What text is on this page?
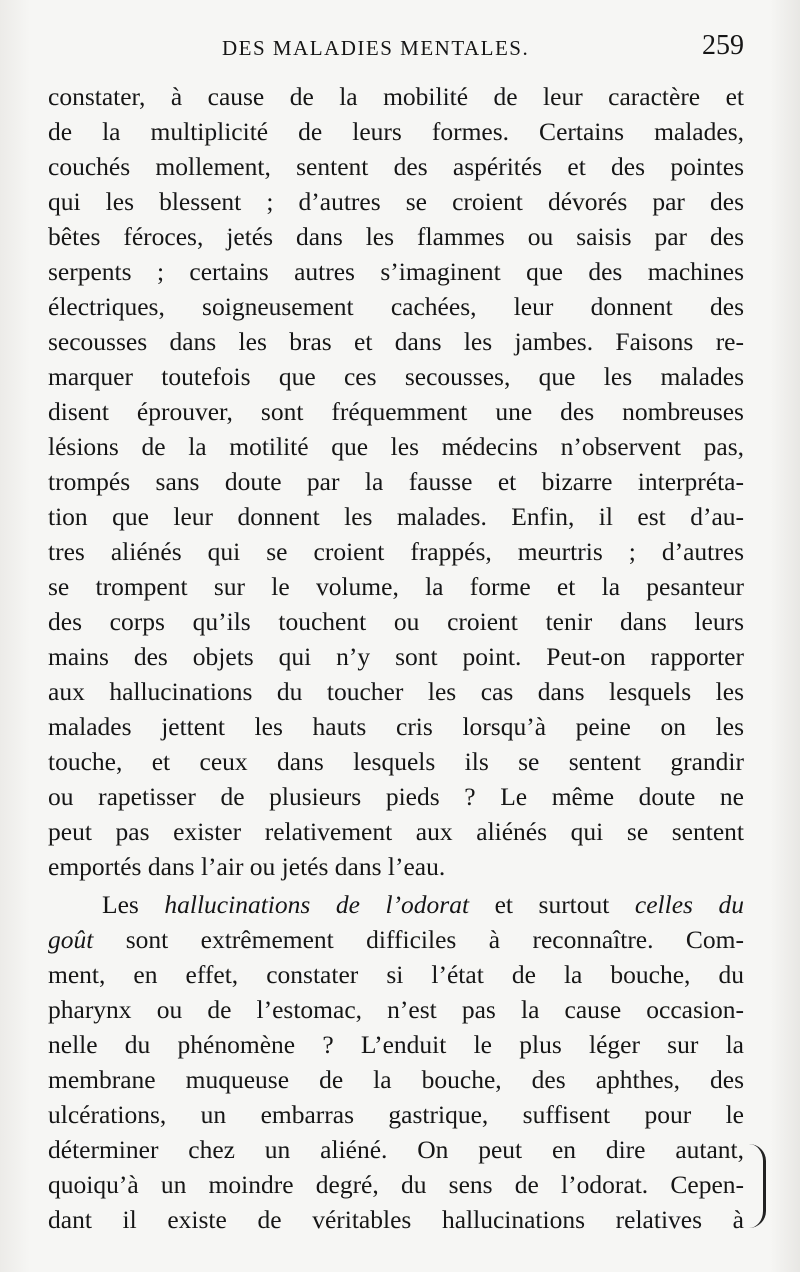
DES MALADIES MENTALES.	259
constater, à cause de la mobilité de leur caractère et
de la multiplicité de leurs formes. Certains malades,
couchés mollement, sentent des aspérités et des pointes
qui les blessent ; d’autres se croient dévorés par des
bêtes féroces, jetés dans les flammes ou saisis par des
serpents ; certains autres s’imaginent que des machines
électriques, soigneusement cachées, leur donnent des
secousses dans les bras et dans les jambes. Faisons re-
marquer toutefois que ces secousses, que les malades
disent éprouver, sont fréquemment une des nombreuses
lésions de la motilité que les médecins n’observent pas,
trompés sans doute par la fausse et bizarre interpréta-
tion que leur donnent les malades. Enfin, il est d’au-
tres aliénés qui se croient frappés, meurtris ; d’autres
se trompent sur le volume, la forme et la pesanteur
des corps qu’ils touchent ou croient tenir dans leurs
mains des objets qui n’y sont point. Peut-on rapporter
aux hallucinations du toucher les cas dans lesquels les
malades jettent les hauts cris lorsqu’à peine on les
touche, et ceux dans lesquels ils se sentent grandir
ou rapetisser de plusieurs pieds ? Le même doute ne
peut pas exister relativement aux aliénés qui se sentent
emportés dans l’air ou jetés dans l’eau.
Les hallucinations de l’odorat et surtout celles du
goût sont extrêmement difficiles à reconnaître. Com-
ment, en effet, constater si l’état de la bouche, du
pharynx ou de l’estomac, n’est pas la cause occasion-
nelle du phénomène ? L’enduit le plus léger sur la
membrane muqueuse de la bouche, des aphthes, des
ulcérations, un embarras gastrique, suffisent pour le
déterminer chez un aliéné. On peut en dire autant,
quoiqu’à un moindre degré, du sens de l’odorat. Cepen-
dant il existe de véritables hallucinations relatives à
